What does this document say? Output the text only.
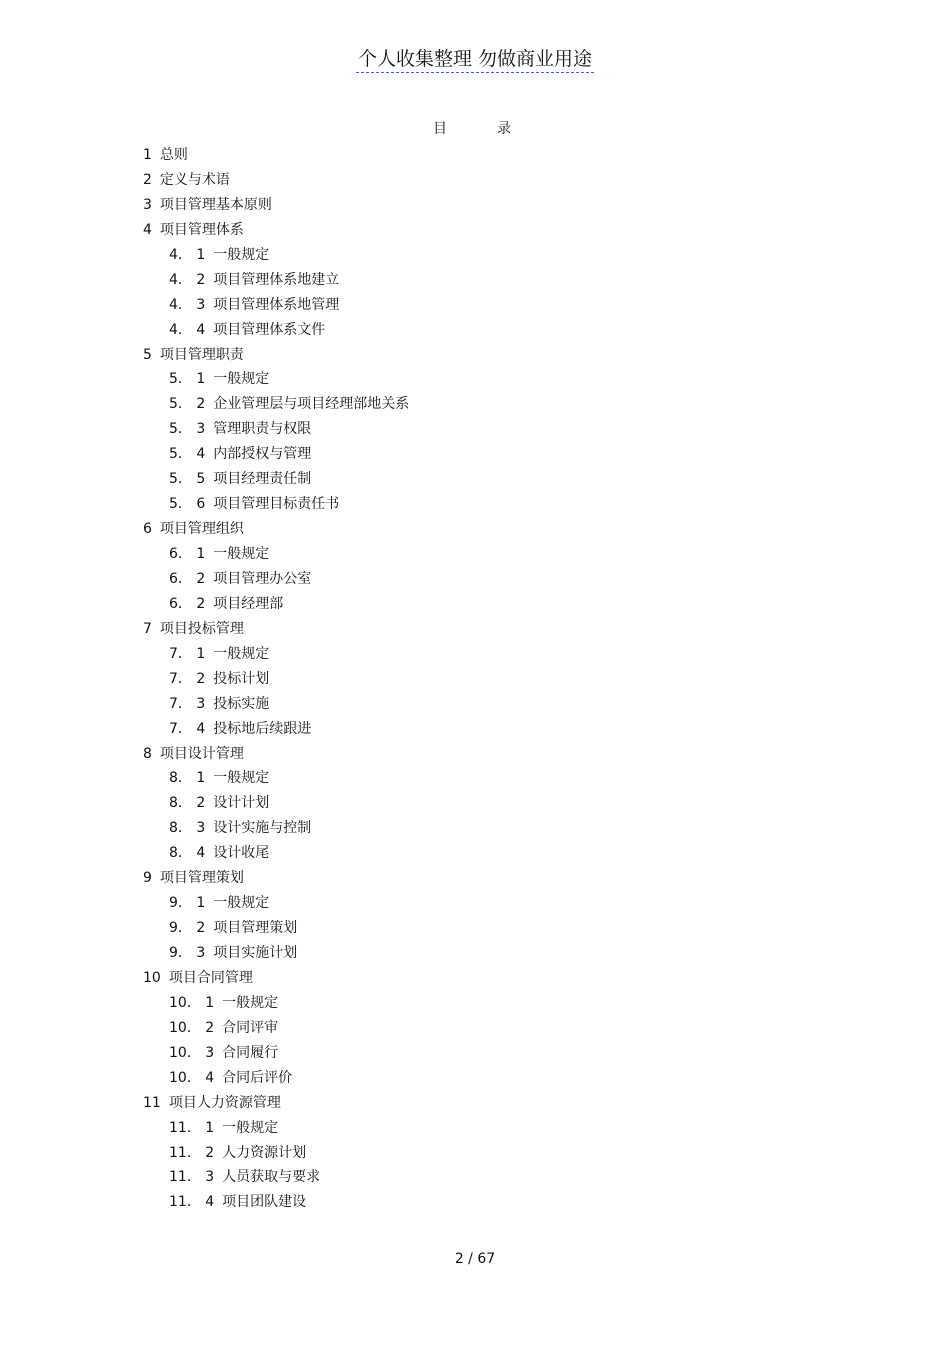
个人收集整理 勿做商业用途
目	录
1 总则
2 定义与术语
3 项目管理基本原则
4 项目管理体系
4． 1 一般规定
4． 2 项目管理体系地建立
4． 3 项目管理体系地管理
4． 4 项目管理体系文件
5 项目管理职责
5． 1 一般规定
5． 2 企业管理层与项目经理部地关系
5． 3 管理职责与权限
5． 4 内部授权与管理
5． 5 项目经理责任制
5． 6 项目管理目标责任书
6 项目管理组织
6． 1 一般规定
6． 2 项目管理办公室
6． 2 项目经理部
7 项目投标管理
7． 1 一般规定
7． 2 投标计划
7． 3 投标实施
7． 4 投标地后续跟进
8 项目设计管理
8． 1 一般规定
8． 2 设计计划
8． 3 设计实施与控制
8． 4 设计收尾
9 项目管理策划
9． 1 一般规定
9． 2 项目管理策划
9． 3 项目实施计划
10 项目合同管理
10． 1 一般规定
10． 2 合同评审
10． 3 合同履行
10． 4 合同后评价
11 项目人力资源管理
11． 1 一般规定
11． 2 人力资源计划
11． 3 人员获取与要求
11． 4 项目团队建设
2 / 67
